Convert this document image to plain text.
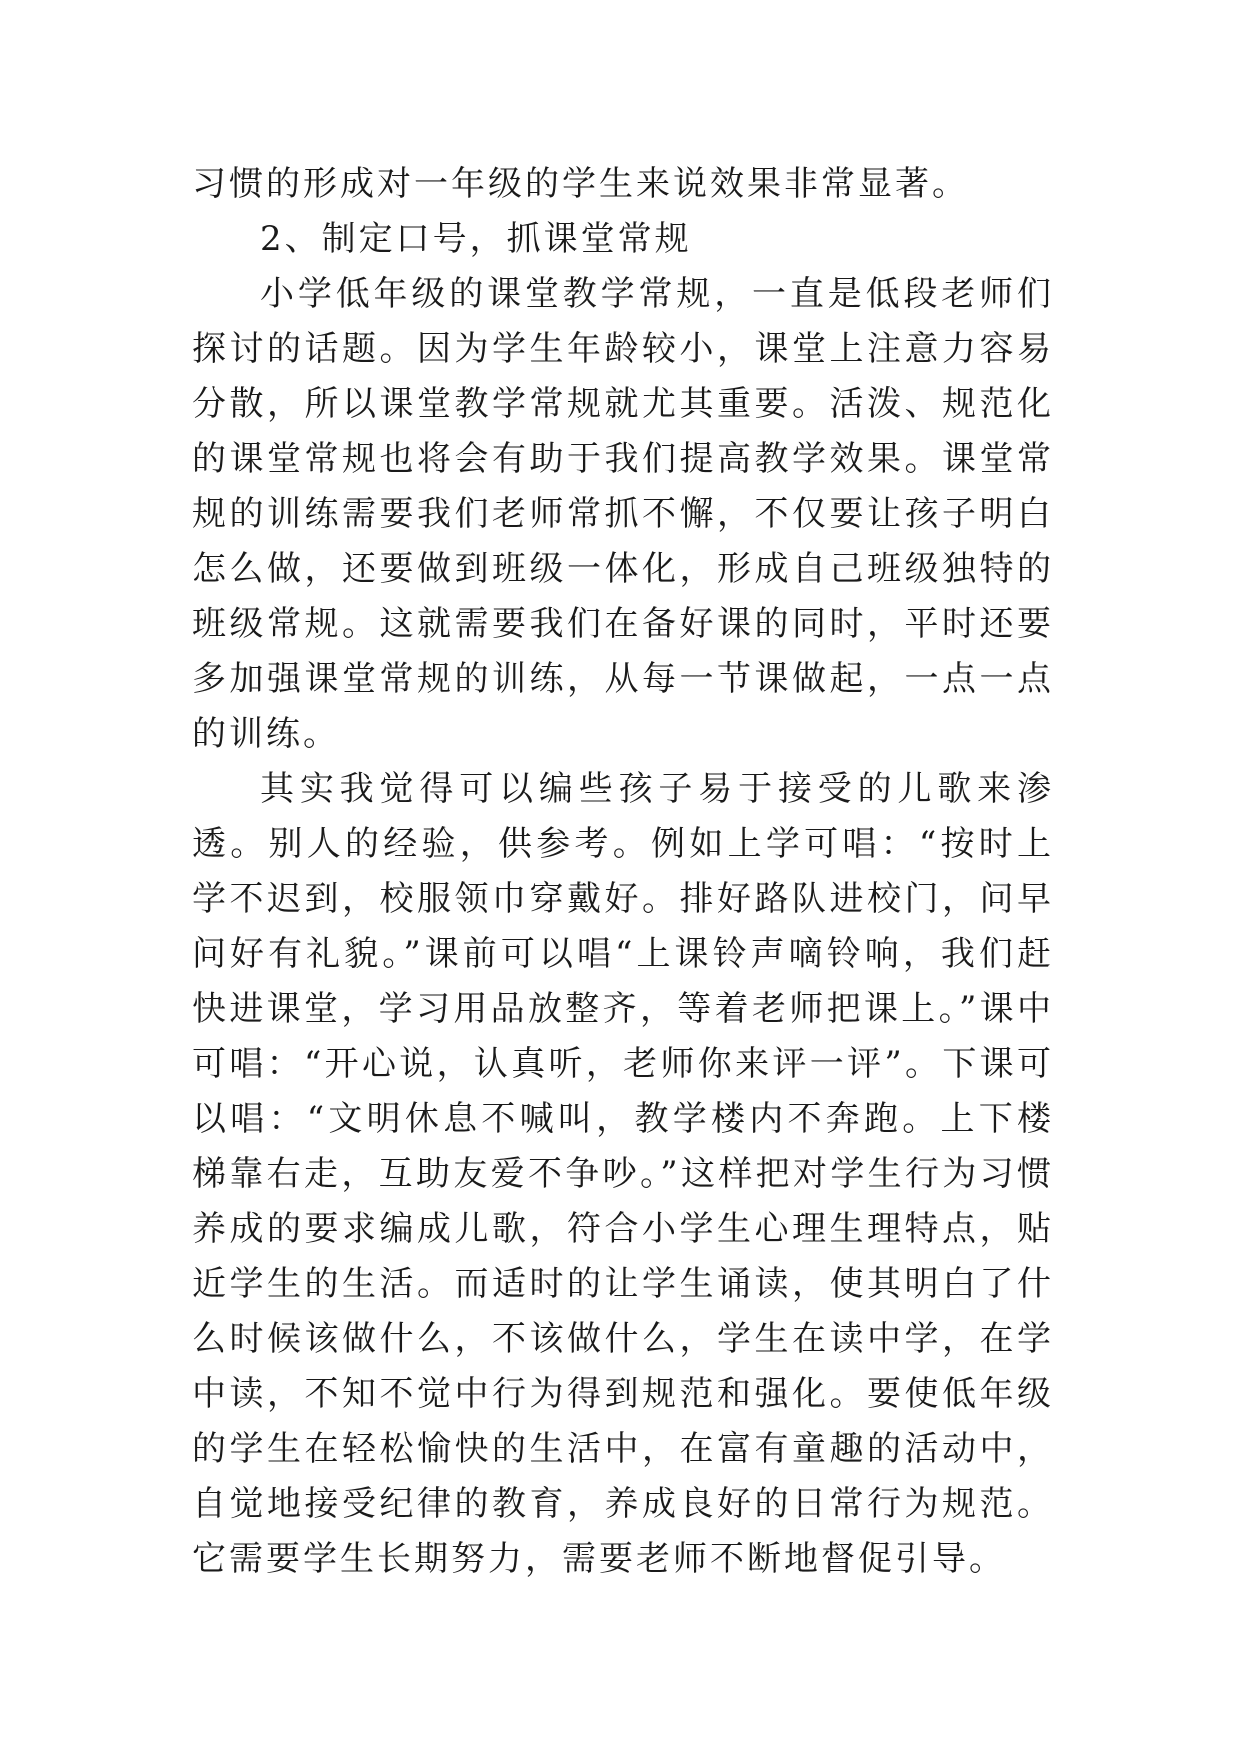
习惯的形成对一年级的学生来说效果非常显著。

2、制定口号，抓课堂常规

小学低年级的课堂教学常规，一直是低段老师们探讨的话题。因为学生年龄较小，课堂上注意力容易分散，所以课堂教学常规就尤其重要。活泼、规范化的课堂常规也将会有助于我们提高教学效果。课堂常规的训练需要我们老师常抓不懈，不仅要让孩子明白怎么做，还要做到班级一体化，形成自己班级独特的班级常规。这就需要我们在备好课的同时，平时还要多加强课堂常规的训练，从每一节课做起，一点一点的训练。

其实我觉得可以编些孩子易于接受的儿歌来渗透。别人的经验，供参考。例如上学可唱：“按时上学不迟到，校服领巾穿戴好。排好路队进校门，问早问好有礼貌。”课前可以唱“上课铃声嘀铃响，我们赶快进课堂，学习用品放整齐，等着老师把课上。”课中可唱：“开心说，认真听，老师你来评一评”。下课可以唱：“文明休息不喊叫，教学楼内不奔跑。上下楼梯靠右走，互助友爱不争吵。”这样把对学生行为习惯养成的要求编成儿歌，符合小学生心理生理特点，贴近学生的生活。而适时的让学生诵读，使其明白了什么时候该做什么，不该做什么，学生在读中学，在学中读，不知不觉中行为得到规范和强化。要使低年级的学生在轻松愉快的生活中，在富有童趣的活动中，自觉地接受纪律的教育，养成良好的日常行为规范。它需要学生长期努力，需要老师不断地督促引导。
